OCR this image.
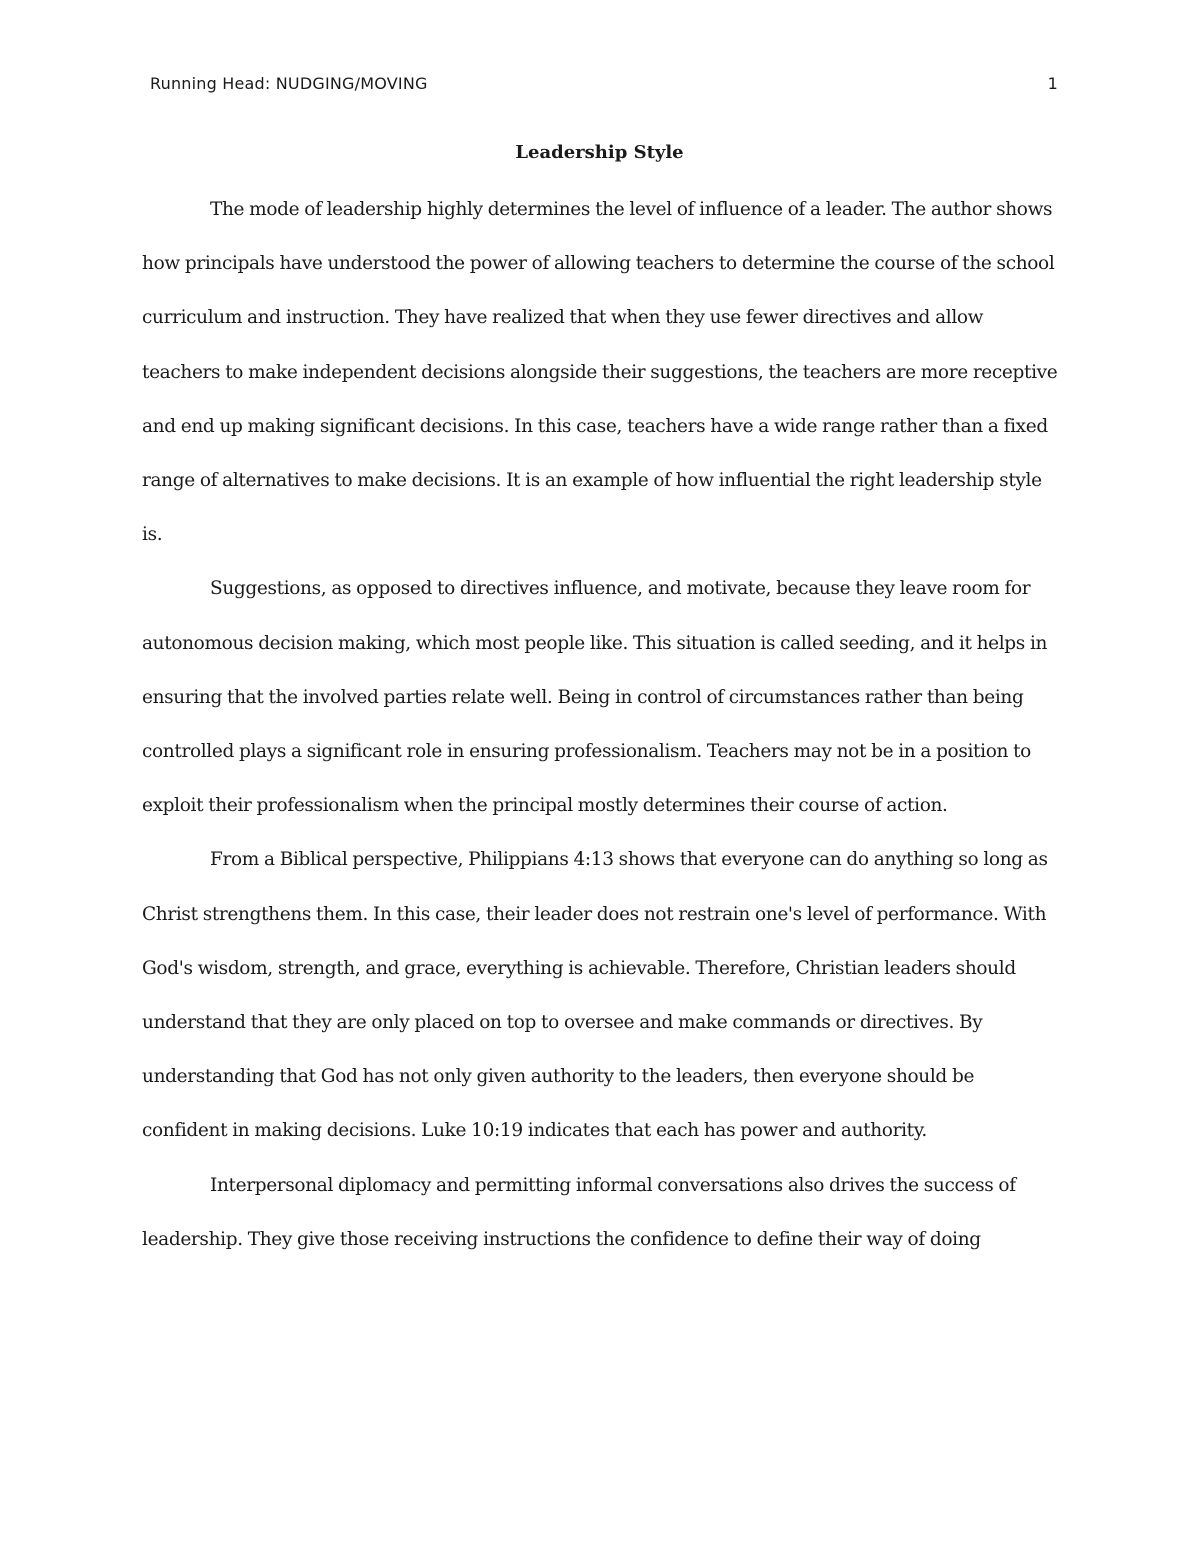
Running Head: NUDGING/MOVING	1
Leadership Style

The mode of leadership highly determines the level of influence of a leader. The author shows how principals have understood the power of allowing teachers to determine the course of the school curriculum and instruction. They have realized that when they use fewer directives and allow teachers to make independent decisions alongside their suggestions, the teachers are more receptive and end up making significant decisions. In this case, teachers have a wide range rather than a fixed range of alternatives to make decisions. It is an example of how influential the right leadership style is.

Suggestions, as opposed to directives influence, and motivate, because they leave room for autonomous decision making, which most people like. This situation is called seeding, and it helps in ensuring that the involved parties relate well. Being in control of circumstances rather than being controlled plays a significant role in ensuring professionalism. Teachers may not be in a position to exploit their professionalism when the principal mostly determines their course of action.

From a Biblical perspective, Philippians 4:13 shows that everyone can do anything so long as Christ strengthens them. In this case, their leader does not restrain one's level of performance. With God's wisdom, strength, and grace, everything is achievable. Therefore, Christian leaders should understand that they are only placed on top to oversee and make commands or directives. By understanding that God has not only given authority to the leaders, then everyone should be confident in making decisions. Luke 10:19 indicates that each has power and authority.

Interpersonal diplomacy and permitting informal conversations also drives the success of leadership. They give those receiving instructions the confidence to define their way of doing
